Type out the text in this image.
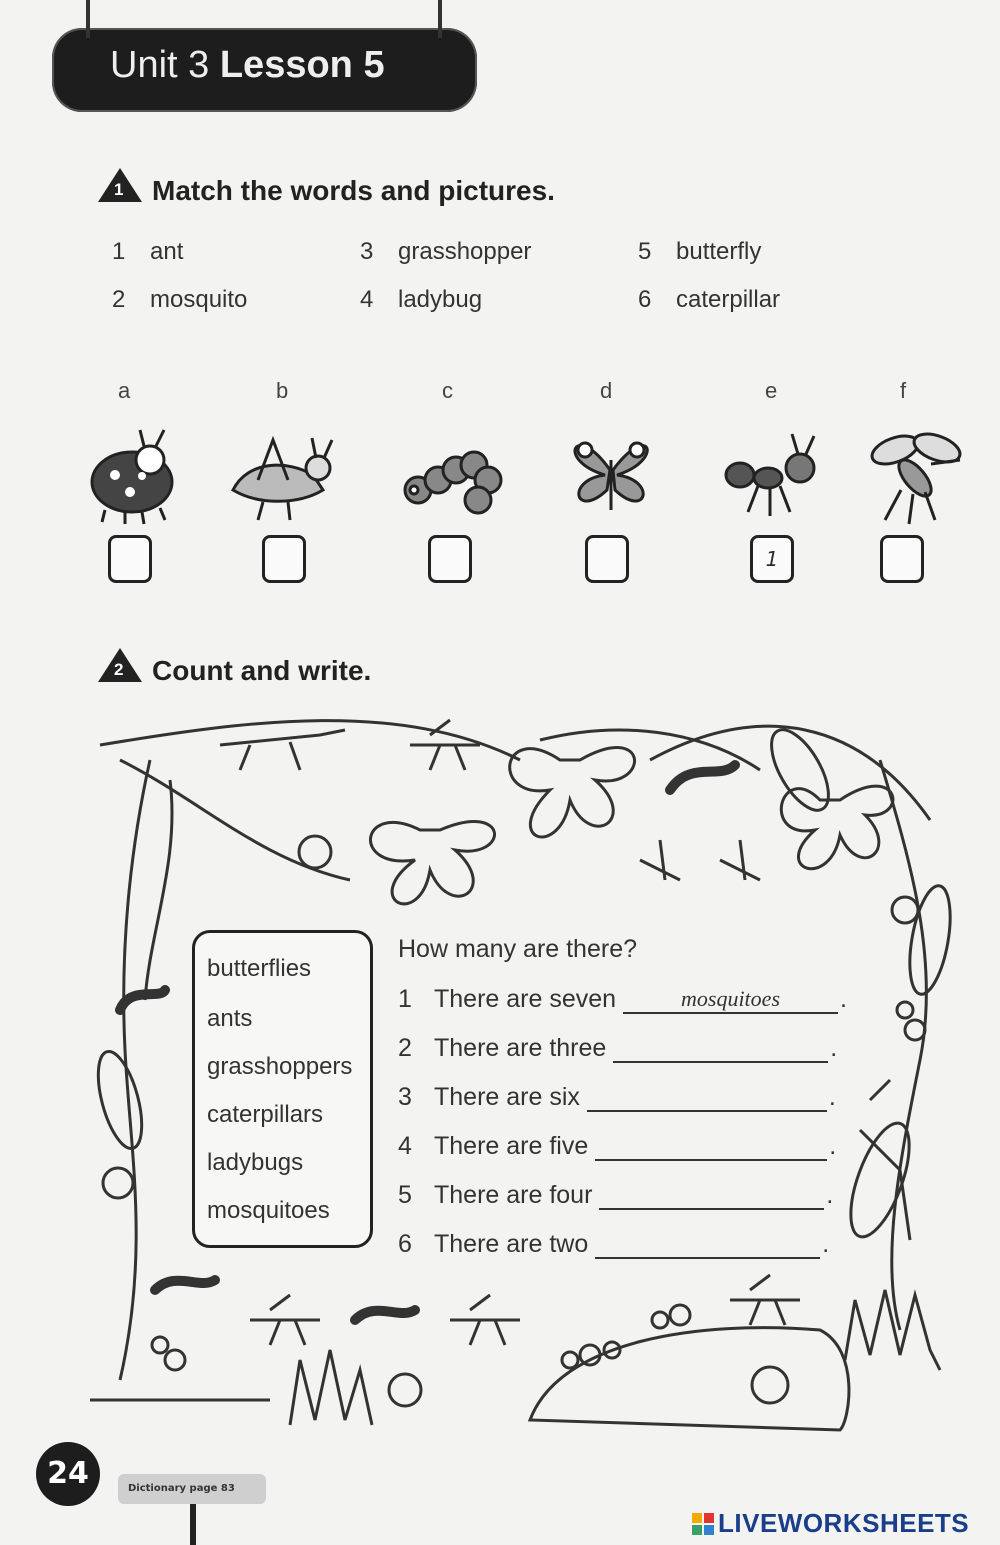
Unit 3 Lesson 5
1 Match the words and pictures.
1 ant
2 mosquito
3 grasshopper
4 ladybug
5 butterfly
6 caterpillar
a	b	c	d	e	f
1
2 Count and write.
butterflies
ants
grasshoppers
caterpillars
ladybugs
mosquitoes
How many are there?
1 There are seven	mosquitoes .
2 There are three	.
3 There are six	.
4 There are five	.
5 There are four	.
6 There are two	.
24	Dictionary page 83
LIVEWORKSHEETS
